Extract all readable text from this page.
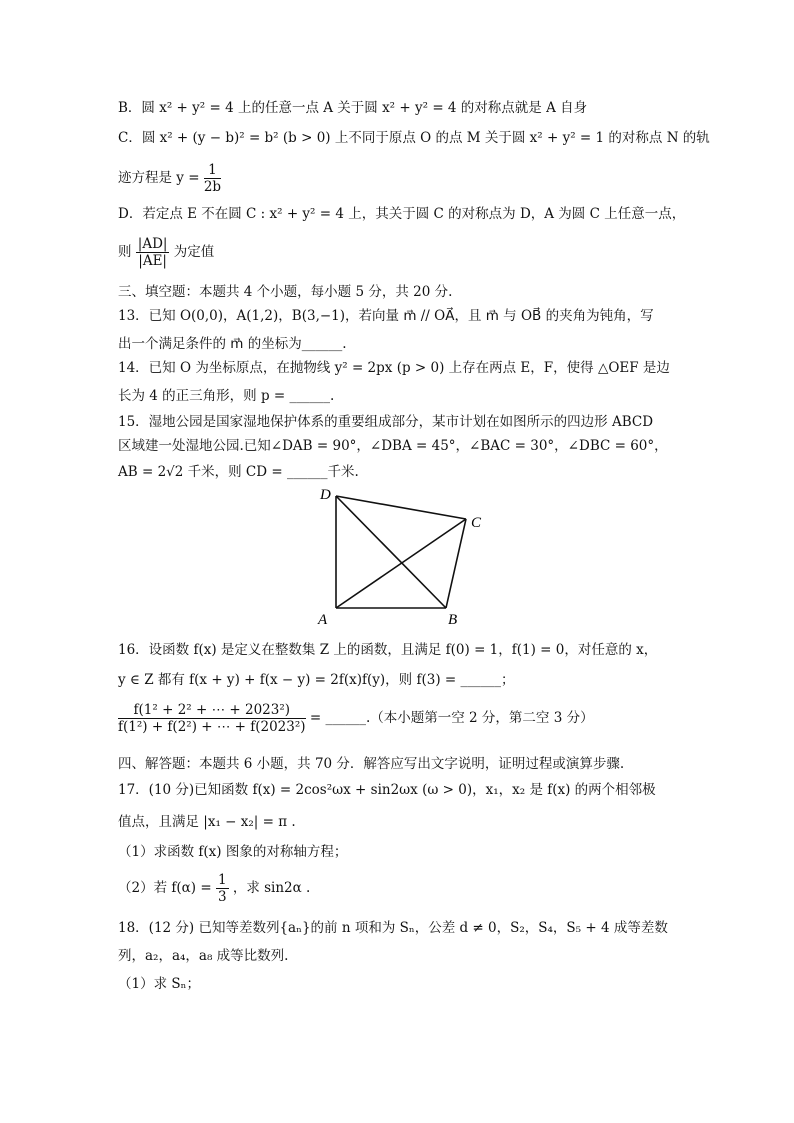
B．圆 x² + y² = 4 上的任意一点 A 关于圆 x² + y² = 4 的对称点就是 A 自身
C．圆 x² + (y − b)² = b² (b > 0) 上不同于原点 O 的点 M 关于圆 x² + y² = 1 的对称点 N 的轨
迹方程是 $y = \frac{1}{2b}$
D．若定点 E 不在圆 C : x² + y² = 4 上，其关于圆 C 的对称点为 D，A 为圆 C 上任意一点，
则 $\frac{|AD|}{|AE|}$ 为定值
三、填空题：本题共 4 个小题，每小题 5 分，共 20 分.
13．已知 O(0,0)，A(1,2)，B(3,−1)，若向量 m⃗ // OA⃗，且 m⃗ 与 OB⃗ 的夹角为钝角，写
出一个满足条件的 m⃗ 的坐标为______.
14．已知 O 为坐标原点，在抛物线 y² = 2px (p > 0) 上存在两点 E，F，使得 △OEF 是边
长为 4 的正三角形，则 p = ______.
15．湿地公园是国家湿地保护体系的重要组成部分，某市计划在如图所示的四边形 ABCD
区域建一处湿地公园.已知∠DAB = 90°，∠DBA = 45°，∠BAC = 30°，∠DBC = 60°，
AB = 2√2 千米，则 CD = ______千米.
D
C
A	B
16．设函数 f(x) 是定义在整数集 Z 上的函数，且满足 f(0) = 1，f(1) = 0，对任意的 x，
y ∈ Z 都有 f(x + y) + f(x − y) = 2f(x)f(y)，则 f(3) = ______；
$\frac{\text{f(1² + 2² + ⋯ + 2023²)}}{\text{f(1²) + f(2²) + ⋯ + f(2023²)}}$ = ______.（本小题第一空 2 分，第二空 3 分）
四、解答题：本题共 6 小题，共 70 分．解答应写出文字说明，证明过程或演算步骤.
17．(10 分)已知函数 f(x) = 2cos²ωx + sin2ωx (ω > 0)，x₁，x₂ 是 f(x) 的两个相邻极
值点，且满足 |x₁ − x₂| = π .
（1）求函数 f(x) 图象的对称轴方程；
（2）若 $f(\alpha) = \frac{1}{3}$ ，求 sin2α .
18．(12 分) 已知等差数列{aₙ}的前 n 项和为 Sₙ，公差 d ≠ 0，S₂，S₄，S₅ + 4 成等差数
列，a₂，a₄，a₈ 成等比数列.
（1）求 Sₙ；
